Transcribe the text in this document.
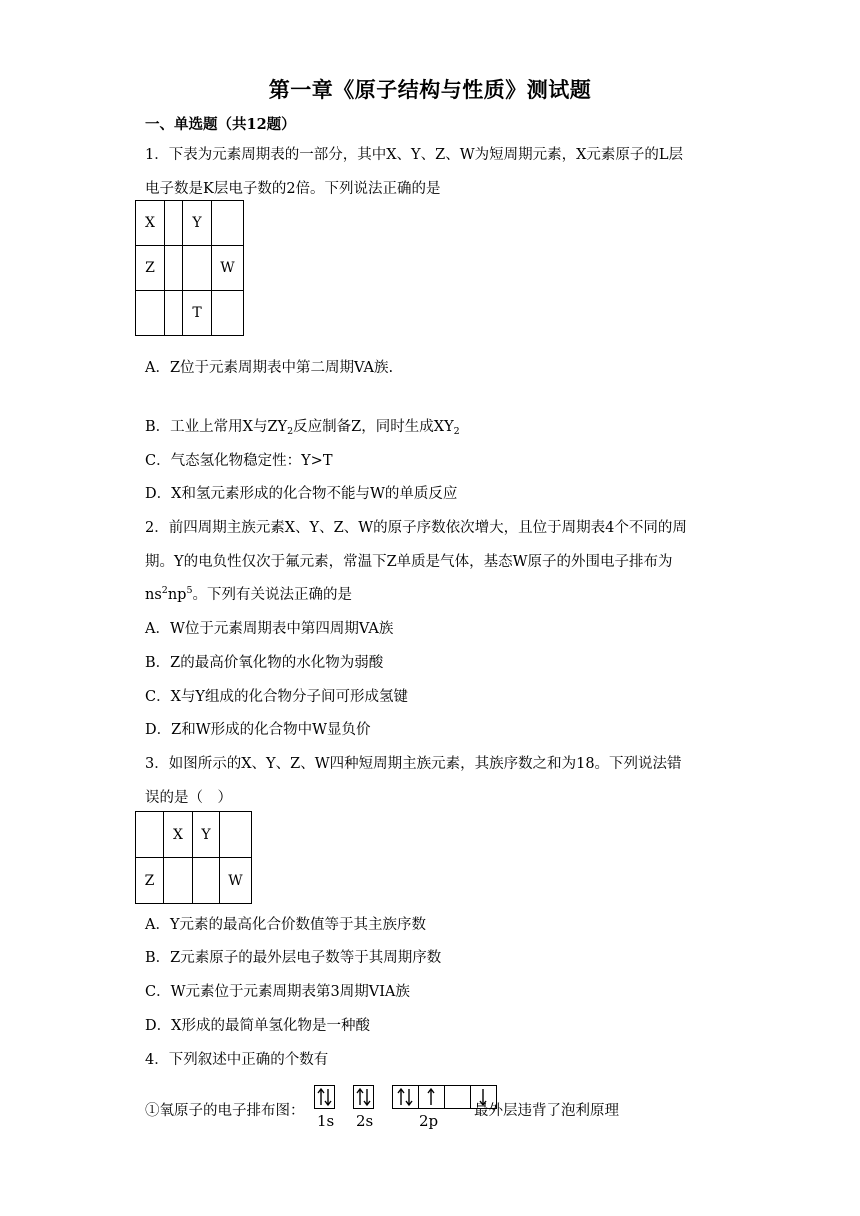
第一章《原子结构与性质》测试题
一、单选题（共12题）
1．下表为元素周期表的一部分，其中X、Y、Z、W为短周期元素，X元素原子的L层
电子数是K层电子数的2倍。下列说法正确的是
X		Y	
Z			W
		T	
A．Z位于元素周期表中第二周期VA族.
B．工业上常用X与$ZY_2$反应制备Z，同时生成$XY_2$
C．气态氢化物稳定性：Y>T
D．X和氢元素形成的化合物不能与W的单质反应
2．前四周期主族元素X、Y、Z、W的原子序数依次增大，且位于周期表4个不同的周
期。Y的电负性仅次于氟元素，常温下Z单质是气体，基态W原子的外围电子排布为
$ns^2np^5$。下列有关说法正确的是
A．W位于元素周期表中第四周期VA族
B．Z的最高价氧化物的水化物为弱酸
C．X与Y组成的化合物分子间可形成氢键
D．Z和W形成的化合物中W显负价
3．如图所示的X、Y、Z、W四种短周期主族元素，其族序数之和为18。下列说法错
误的是（　）
	X	Y	
Z			W
A．Y元素的最高化合价数值等于其主族序数
B．Z元素原子的最外层电子数等于其周期序数
C．W元素位于元素周期表第3周期VIA族
D．X形成的最简单氢化物是一种酸
4．下列叙述中正确的个数有
①氧原子的电子排布图：
1s 2s	2p
最外层违背了泡利原理
